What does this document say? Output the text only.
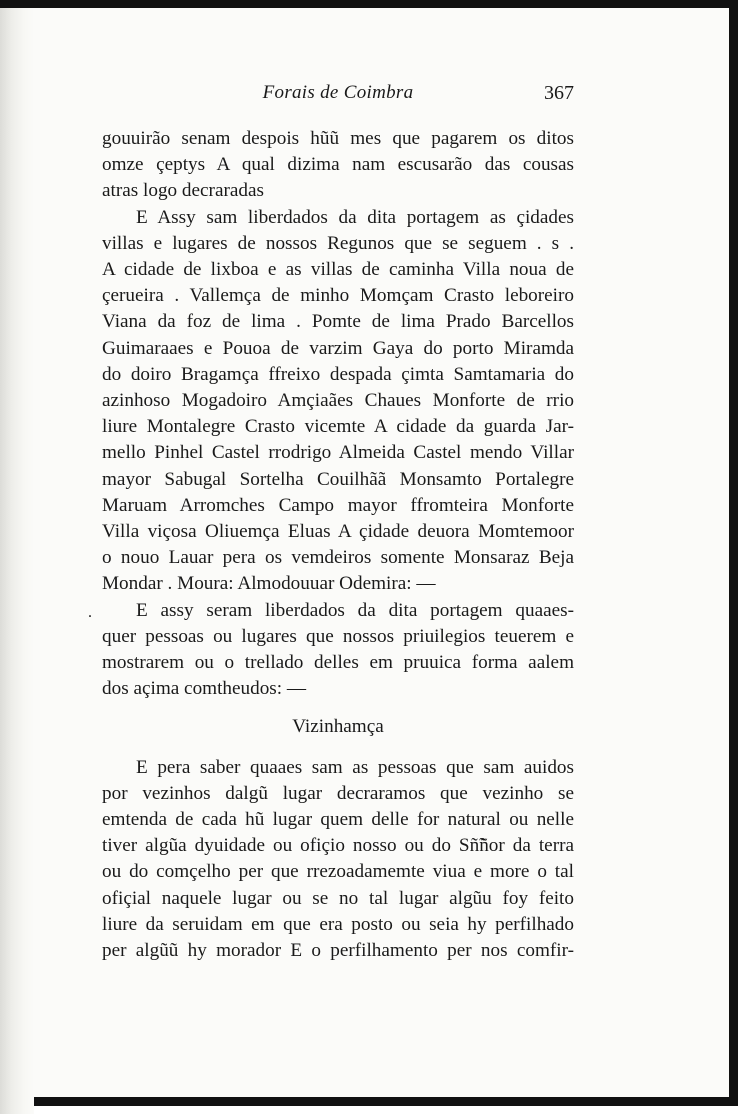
Forais de Coimbra	367
.
gouuirão senam despois hũũ mes que pagarem os ditos
omze çeptys A qual dizima nam escusarão das cousas
atras logo decraradas
E Assy sam liberdados da dita portagem as çidades
villas e lugares de nossos Regunos que se seguem . s .
A cidade de lixboa e as villas de caminha Villa noua de
çerueira . Vallemça de minho Momçam Crasto leboreiro
Viana da foz de lima . Pomte de lima Prado Barcellos
Guimaraaes e Pouoa de varzim Gaya do porto Miramda
do doiro Bragamça ffreixo despada çimta Samtamaria do
azinhoso Mogadoiro Amçiaães Chaues Monforte de rrio
liure Montalegre Crasto vicemte A cidade da guarda Jar-
mello Pinhel Castel rrodrigo Almeida Castel mendo Villar
mayor Sabugal Sortelha Couilhãã Monsamto Portalegre
Maruam Arromches Campo mayor ffromteira Monforte
Villa viçosa Oliuemça Eluas A çidade deuora Momtemoor
o nouo Lauar pera os vemdeiros somente Monsaraz Beja
Mondar . Moura: Almodouuar Odemira: —
E assy seram liberdados da dita portagem quaaes-
quer pessoas ou lugares que nossos priuilegios teuerem e
mostrarem ou o trellado delles em pruuica forma aalem
dos açima comtheudos: —
Vizinhamça
E pera saber quaaes sam as pessoas que sam auidos
por vezinhos dalgũ lugar decraramos que vezinho se
emtenda de cada hũ lugar quem delle for natural ou nelle
tiver algũa dyuidade ou ofiçio nosso ou do Sñ̃ñor da terra
ou do comçelho per que rrezoadamemte viua e more o tal
ofiçial naquele lugar ou se no tal lugar algũu foy feito
liure da seruidam em que era posto ou seia hy perfilhado
per algũũ hy morador E o perfilhamento per nos comfir-
